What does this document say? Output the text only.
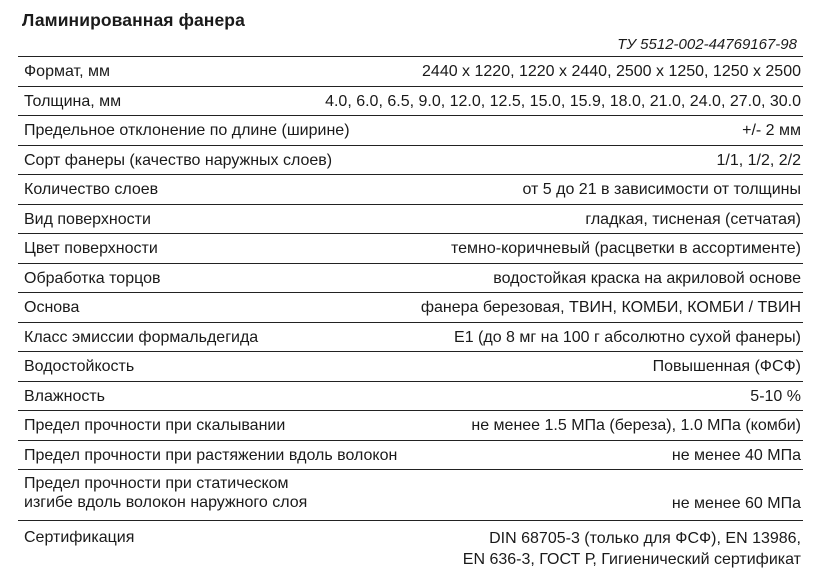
Ламинированная фанера
ТУ 5512-002-44769167-98
Формат, мм	2440 x 1220, 1220 x 2440, 2500 x 1250, 1250 x 2500
Толщина, мм	4.0, 6.0, 6.5, 9.0, 12.0, 12.5, 15.0, 15.9, 18.0, 21.0, 24.0, 27.0, 30.0
Предельное отклонение по длине (ширине)	+/- 2 мм
Сорт фанеры (качество наружных слоев)	1/1, 1/2, 2/2
Количество слоев	от 5 до 21 в зависимости от толщины
Вид поверхности	гладкая, тисненая (сетчатая)
Цвет поверхности	темно-коричневый (расцветки в ассортименте)
Обработка торцов	водостойкая краска на акриловой основе
Основа	фанера березовая, ТВИН, КОМБИ, КОМБИ / ТВИН
Класс эмиссии формальдегида	Е1 (до 8 мг на 100 г абсолютно сухой фанеры)
Водостойкость	Повышенная (ФСФ)
Влажность	5-10 %
Предел прочности при скалывании	не менее 1.5 МПа (береза), 1.0 МПа (комби)
Предел прочности при растяжении вдоль волокон	не менее 40 МПа
Предел прочности при статическом
изгибе вдоль волокон наружного слоя	не менее 60 МПа
Сертификация	DIN 68705-3 (только для ФСФ), EN 13986,
EN 636-3, ГОСТ Р, Гигиенический сертификат
